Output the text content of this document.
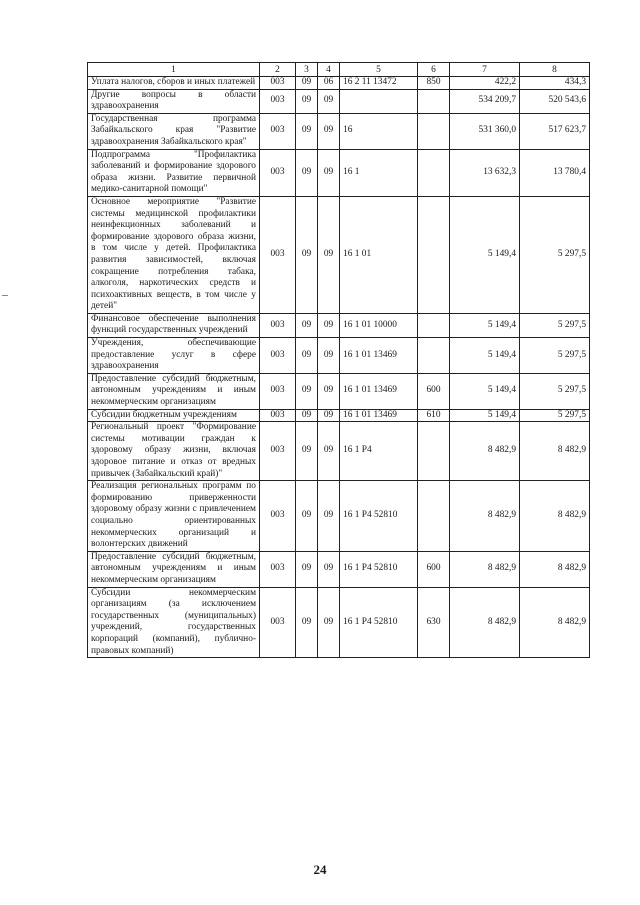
1	2	3	4	5	6	7	8
Уплата налогов, сборов и иных платежей	003	09	06	16 2 11 13472	850	422,2	434,3
Другие вопросы в области здравоохранения	003	09	09			534 209,7	520 543,6
Государственная программа Забайкальского края "Развитие здравоохранения Забайкальского края"	003	09	09	16		531 360,0	517 623,7
Подпрограмма "Профилактика заболеваний и формирование здорового образа жизни. Развитие первичной медико-санитарной помощи"	003	09	09	16 1		13 632,3	13 780,4
Основное мероприятие "Развитие системы медицинской профилактики неинфекционных заболеваний и формирование здорового образа жизни, в том числе у детей. Профилактика развития зависимостей, включая сокращение потребления табака, алкоголя, наркотических средств и психоактивных веществ, в том числе у детей"	003	09	09	16 1 01		5 149,4	5 297,5
Финансовое обеспечение выполнения функций государственных учреждений	003	09	09	16 1 01 10000		5 149,4	5 297,5
Учреждения, обеспечивающие предоставление услуг в сфере здравоохранения	003	09	09	16 1 01 13469		5 149,4	5 297,5
Предоставление субсидий бюджетным, автономным учреждениям и иным некоммерческим организациям	003	09	09	16 1 01 13469	600	5 149,4	5 297,5
Субсидии бюджетным учреждениям	003	09	09	16 1 01 13469	610	5 149,4	5 297,5
Региональный проект "Формирование системы мотивации граждан к здоровому образу жизни, включая здоровое питание и отказ от вредных привычек (Забайкальский край)"	003	09	09	16 1 P4		8 482,9	8 482,9
Реализация региональных программ по формированию приверженности здоровому образу жизни с привлечением социально ориентированных некоммерческих организаций и волонтерских движений	003	09	09	16 1 P4 52810		8 482,9	8 482,9
Предоставление субсидий бюджетным, автономным учреждениям и иным некоммерческим организациям	003	09	09	16 1 P4 52810	600	8 482,9	8 482,9
Субсидии некоммерческим организациям (за исключением государственных (муниципальных) учреждений, государственных корпораций (компаний), публично-правовых компаний)	003	09	09	16 1 P4 52810	630	8 482,9	8 482,9
24
